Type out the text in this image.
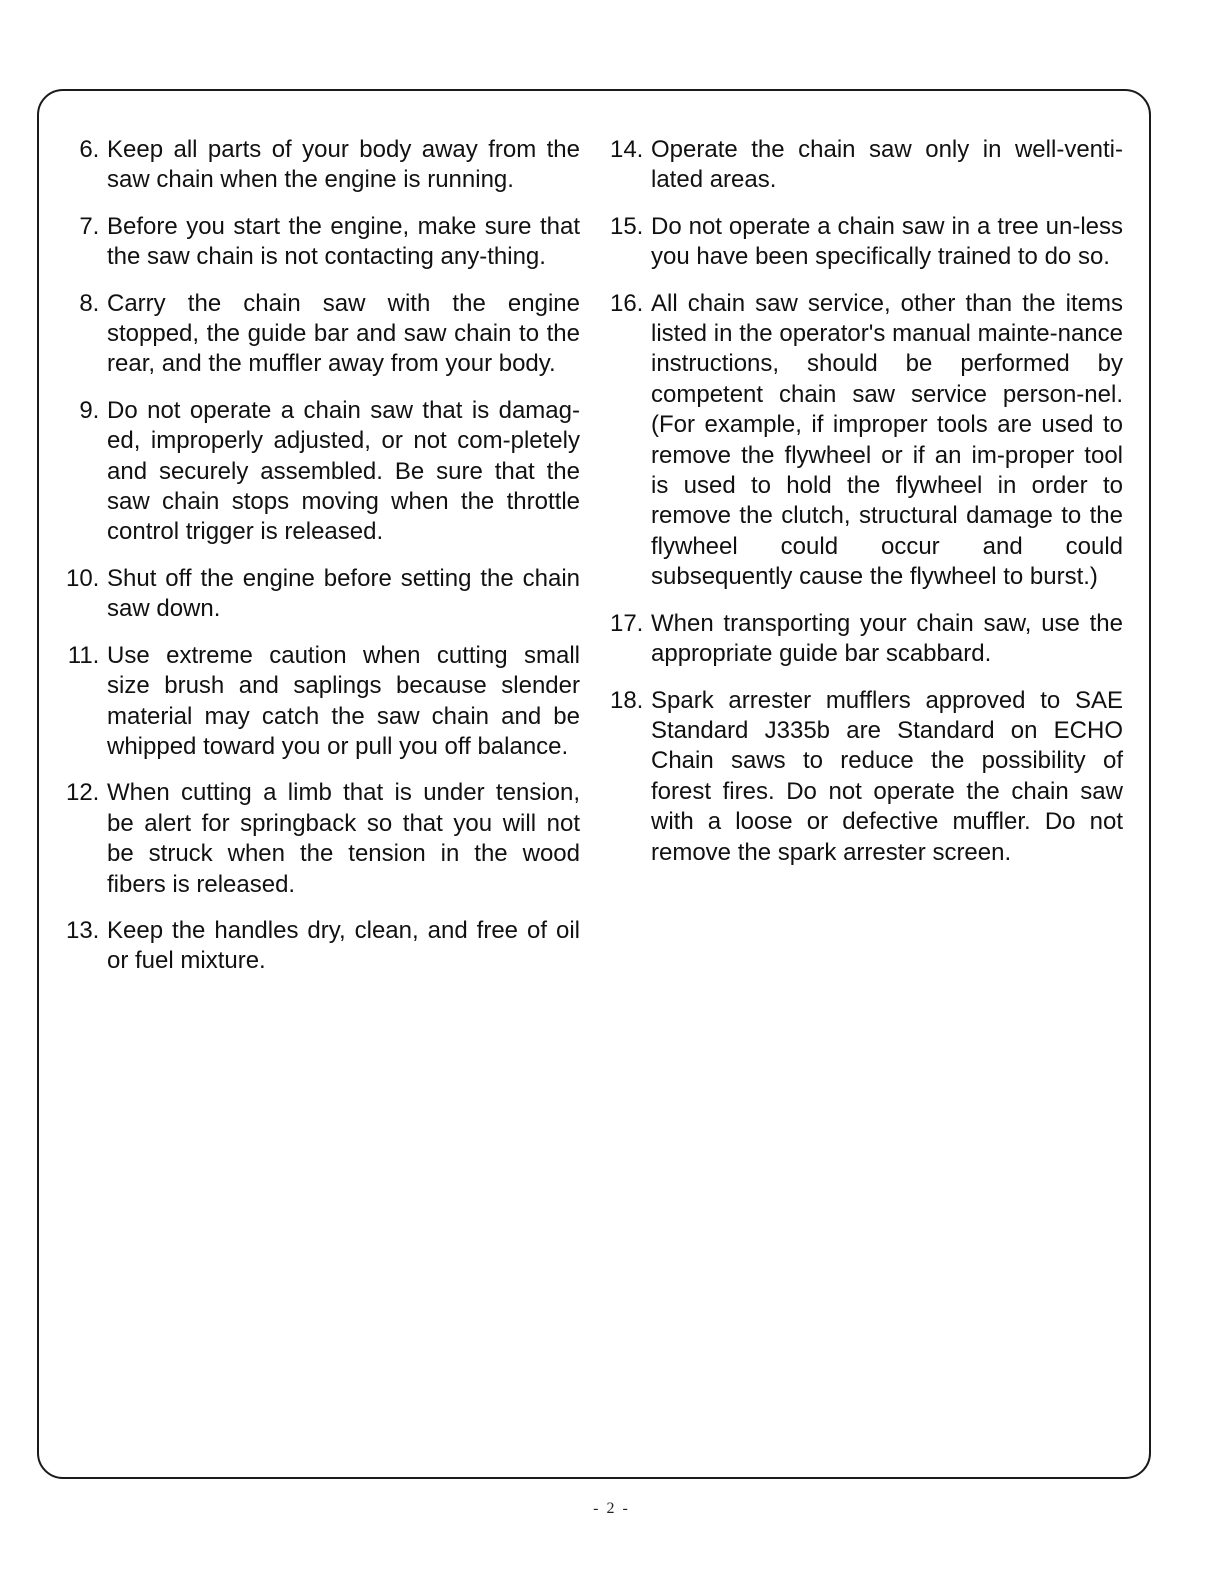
6. Keep all parts of your body away from the saw chain when the engine is running.
7. Before you start the engine, make sure that the saw chain is not contacting any-thing.
8. Carry the chain saw with the engine stopped, the guide bar and saw chain to the rear, and the muffler away from your body.
9. Do not operate a chain saw that is damag-ed, improperly adjusted, or not com-pletely and securely assembled. Be sure that the saw chain stops moving when the throttle control trigger is released.
10. Shut off the engine before setting the chain saw down.
11. Use extreme caution when cutting small size brush and saplings because slender material may catch the saw chain and be whipped toward you or pull you off balance.
12. When cutting a limb that is under tension, be alert for springback so that you will not be struck when the tension in the wood fibers is released.
13. Keep the handles dry, clean, and free of oil or fuel mixture.
14. Operate the chain saw only in well-venti-lated areas.
15. Do not operate a chain saw in a tree un-less you have been specifically trained to do so.
16. All chain saw service, other than the items listed in the operator's manual mainte-nance instructions, should be performed by competent chain saw service person-nel. (For example, if improper tools are used to remove the flywheel or if an im-proper tool is used to hold the flywheel in order to remove the clutch, structural damage to the flywheel could occur and could subsequently cause the flywheel to burst.)
17. When transporting your chain saw, use the appropriate guide bar scabbard.
18. Spark arrester mufflers approved to SAE Standard J335b are Standard on ECHO Chain saws to reduce the possibility of forest fires. Do not operate the chain saw with a loose or defective muffler. Do not remove the spark arrester screen.
- 2 -
